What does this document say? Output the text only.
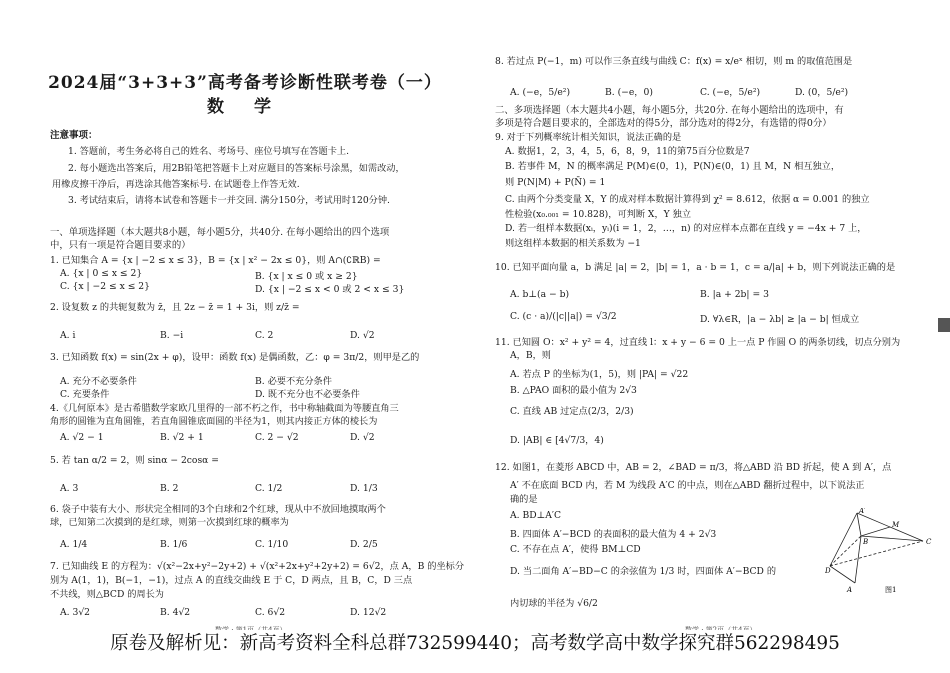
2024届“3+3+3”高考备考诊断性联考卷（一）
数 学
注意事项：
1. 答题前，考生务必将自己的姓名、考场号、座位号填写在答题卡上.
2. 每小题选出答案后，用2B铅笔把答题卡上对应题目的答案标号涂黑，如需改动，
用橡皮擦干净后，再选涂其他答案标号. 在试题卷上作答无效.
3. 考试结束后，请将本试卷和答题卡一并交回. 满分150分，考试用时120分钟.
一、单项选择题（本大题共8小题，每小题5分，共40分. 在每小题给出的四个选项
中，只有一项是符合题目要求的）
1. 已知集合 A = {x | −2 ≤ x ≤ 3}，B = {x | x² − 2x ≤ 0}，则 A∩(∁ℝB) =
A. {x | 0 ≤ x ≤ 2}	B. {x | x ≤ 0 或 x ≥ 2}
C. {x | −2 ≤ x ≤ 2}	D. {x | −2 ≤ x < 0 或 2 < x ≤ 3}
2. 设复数 z 的共轭复数为 z̄，且 2z − z̄ = 1 + 3i，则 z/z̄ =
A. i	B. −i	C. 2	D. √2
3. 已知函数 f(x) = sin(2x + φ)，设甲：函数 f(x) 是偶函数，乙：φ = 3π/2，则甲是乙的
A. 充分不必要条件	B. 必要不充分条件
C. 充要条件	D. 既不充分也不必要条件
4.《几何原本》是古希腊数学家欧几里得的一部不朽之作，书中称轴截面为等腰直角三
角形的圆锥为直角圆锥，若直角圆锥底面圆的半径为1，则其内接正方体的棱长为
A. √2 − 1	B. √2 + 1	C. 2 − √2	D. √2
5. 若 tan α/2 = 2，则 sinα − 2cosα =
A. 3	B. 2	C. 1/2	D. 1/3
6. 袋子中装有大小、形状完全相同的3个白球和2个红球，现从中不放回地摸取两个
球，已知第二次摸到的是红球，则第一次摸到红球的概率为
A. 1/4	B. 1/6	C. 1/10	D. 2/5
7. 已知曲线 E 的方程为：√(x²−2x+y²−2y+2) + √(x²+2x+y²+2y+2) = 6√2，点 A，B 的坐标分
别为 A(1，1)，B(−1，−1)，过点 A 的直线交曲线 E 于 C，D 两点，且 B，C，D 三点
不共线，则△BCD 的周长为
A. 3√2	B. 4√2	C. 6√2	D. 12√2
8. 若过点 P(−1，m) 可以作三条直线与曲线 C：f(x) = x/eˣ 相切，则 m 的取值范围是
A. (−e，5/e²)	B. (−e，0)	C. (−e，5/e²)	D. (0，5/e²)
二、多项选择题（本大题共4小题，每小题5分，共20分. 在每小题给出的选项中，有
多项是符合题目要求的，全部选对的得5分，部分选对的得2分，有选错的得0分）
9. 对于下列概率统计相关知识，说法正确的是
A. 数据1，2，3，4，5，6，8，9，11的第75百分位数是7
B. 若事件 M，N 的概率满足 P(M)∈(0，1)，P(N)∈(0，1) 且 M，N 相互独立，
则 P(N|M) + P(N̄) = 1
C. 由两个分类变量 X，Y 的成对样本数据计算得到 χ² = 8.612，依据 α = 0.001 的独立
性检验(x₀.₀₀₁ = 10.828)，可判断 X，Y 独立
D. 若一组样本数据(xᵢ，yᵢ)(i = 1，2，…，n) 的对应样本点都在直线 y = −4x + 7 上，
则这组样本数据的相关系数为 −1
10. 已知平面向量 a，b 满足 |a| = 2，|b| = 1，a · b = 1，c = a/|a| + b，则下列说法正确的是
A. b⊥(a − b)	B. |a + 2b| = 3
C. (c · a)/(|c||a|) = √3/2	D. ∀λ∈R，|a − λb| ≥ |a − b| 恒成立
11. 已知圆 O：x² + y² = 4，过直线 l：x + y − 6 = 0 上一点 P 作圆 O 的两条切线，切点分别为
A，B，则
A. 若点 P 的坐标为(1，5)，则 |PA| = √22
B. △PAO 面积的最小值为 2√3
C. 直线 AB 过定点(2/3，2/3)
D. |AB| ∈ [4√7/3，4)
12. 如图1，在菱形 ABCD 中，AB = 2，∠BAD = π/3，将△ABD 沿 BD 折起，使 A 到 A′，点
A′ 不在底面 BCD 内，若 M 为线段 A′C 的中点，则在△ABD 翻折过程中，以下说法正
确的是
A. BD⊥A′C
B. 四面体 A′−BCD 的表面积的最大值为 4 + 2√3
C. 不存在点 A′，使得 BM⊥CD
D. 当二面角 A′−BD−C 的余弦值为 1/3 时，四面体 A′−BCD 的
内切球的半径为 √6/2
A′
M
B	C
D
A	图1
原卷及解析见：新高考资料全科总群732599440；高考数学高中数学探究群562298495
